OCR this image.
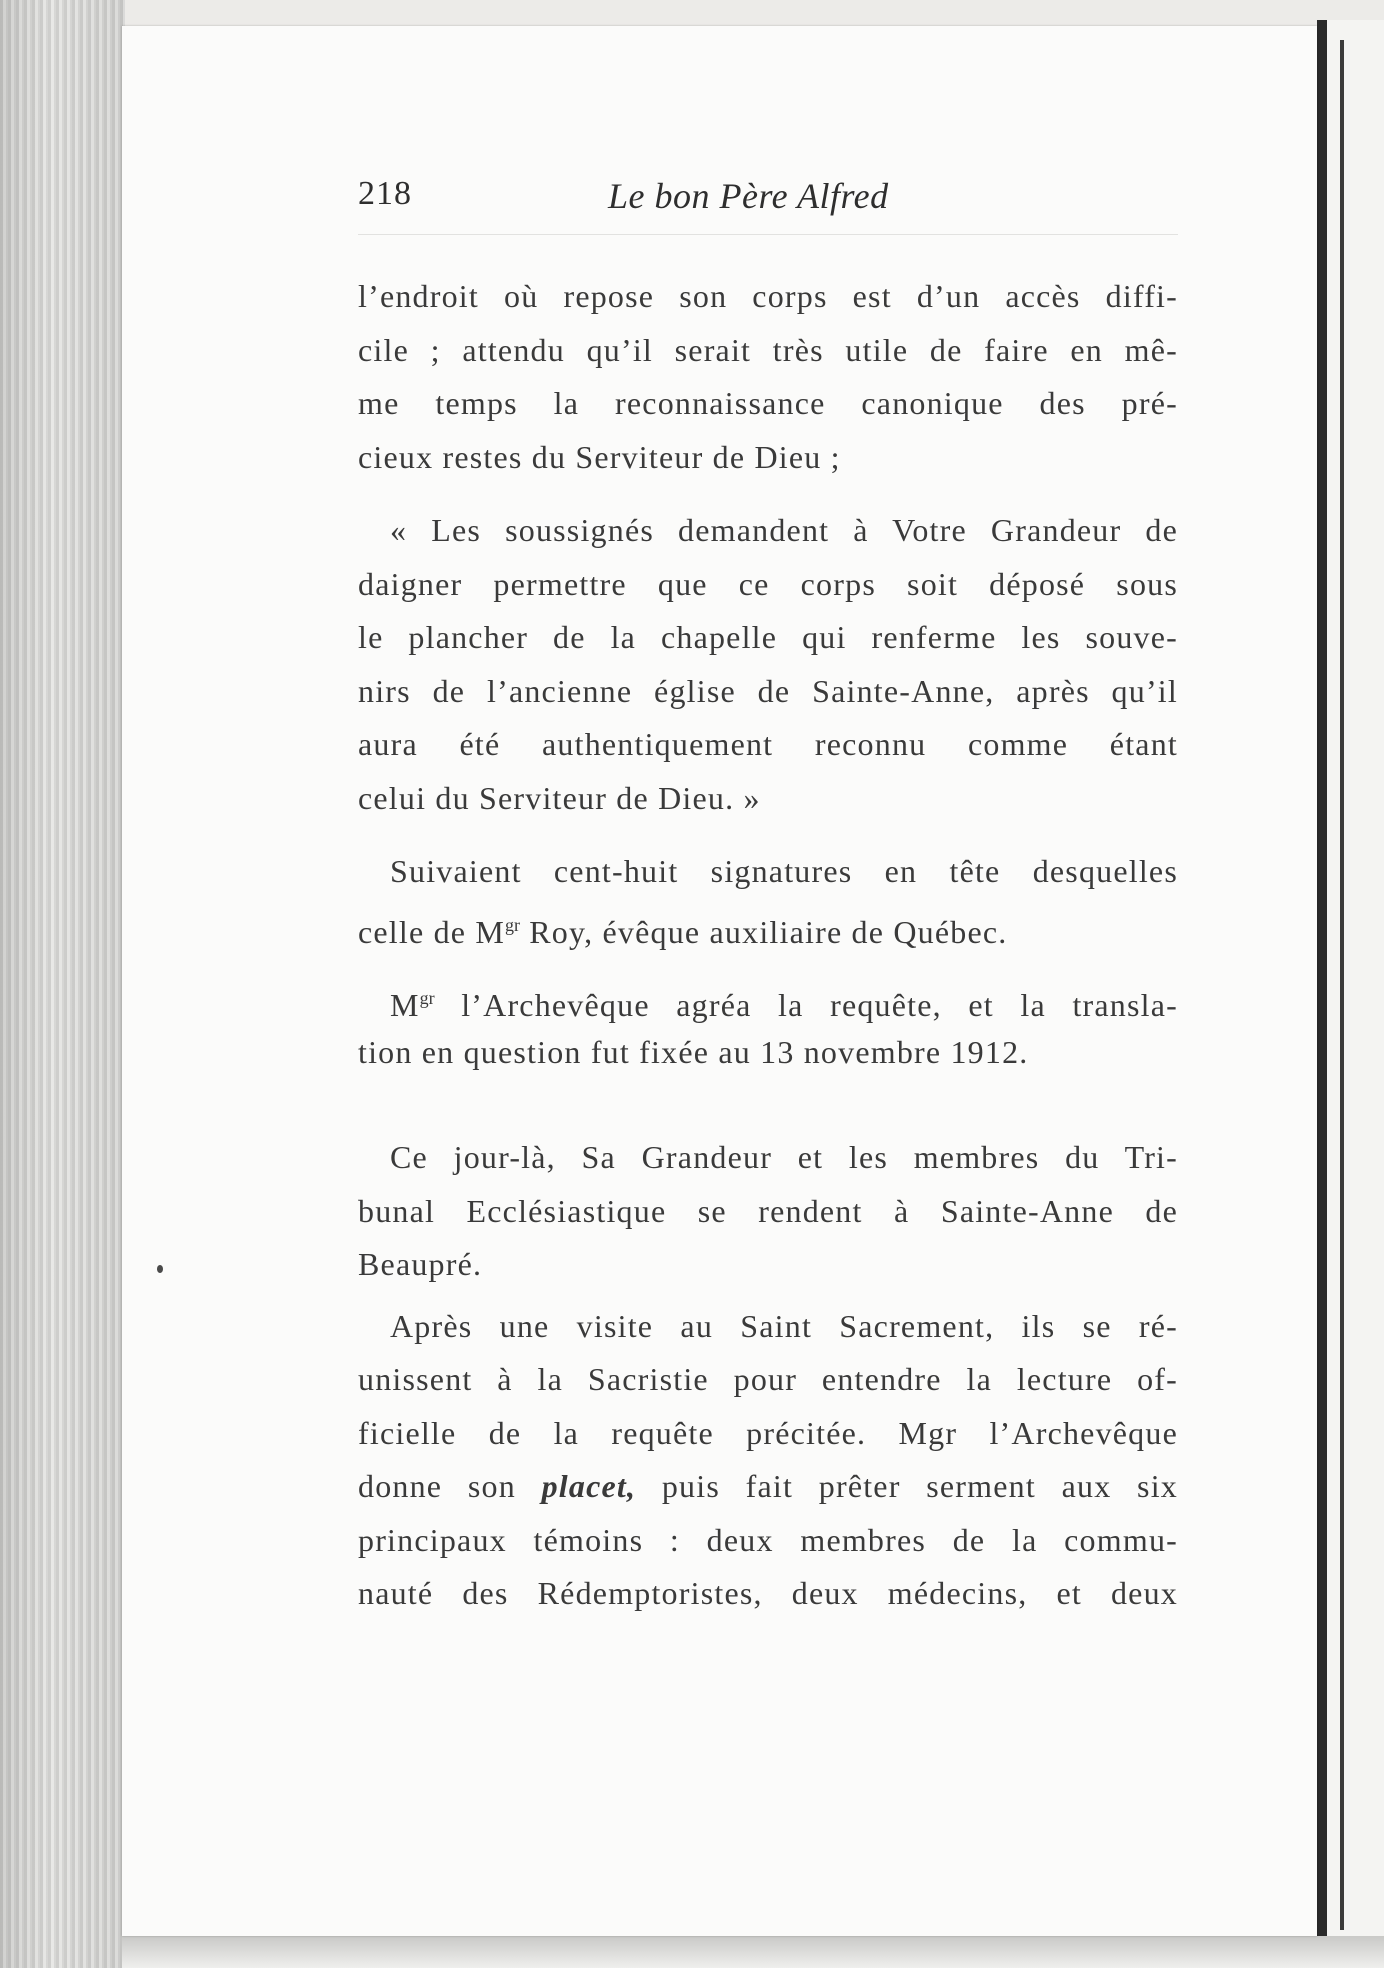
218	Le bon Père Alfred
l’endroit où repose son corps est d’un accès diffi-
cile ; attendu qu’il serait très utile de faire en mê-
me temps la reconnaissance canonique des pré-
cieux restes du Serviteur de Dieu ;
« Les soussignés demandent à Votre Grandeur de
daigner permettre que ce corps soit déposé sous
le plancher de la chapelle qui renferme les souve-
nirs de l’ancienne église de Sainte-Anne, après qu’il
aura été authentiquement reconnu comme étant
celui du Serviteur de Dieu. »
Suivaient cent-huit signatures en tête desquelles
celle de $M^{gr}$ Roy, évêque auxiliaire de Québec.
$M^{gr}$ l’Archevêque agréa la requête, et la transla-
tion en question fut fixée au 13 novembre 1912.
Ce jour-là, Sa Grandeur et les membres du Tri-
bunal Ecclésiastique se rendent à Sainte-Anne de
Beaupré.
Après une visite au Saint Sacrement, ils se ré-
unissent à la Sacristie pour entendre la lecture of-
ficielle de la requête précitée. Mgr l’Archevêque
donne son placet, puis fait prêter serment aux six
principaux témoins : deux membres de la commu-
nauté des Rédemptoristes, deux médecins, et deux
